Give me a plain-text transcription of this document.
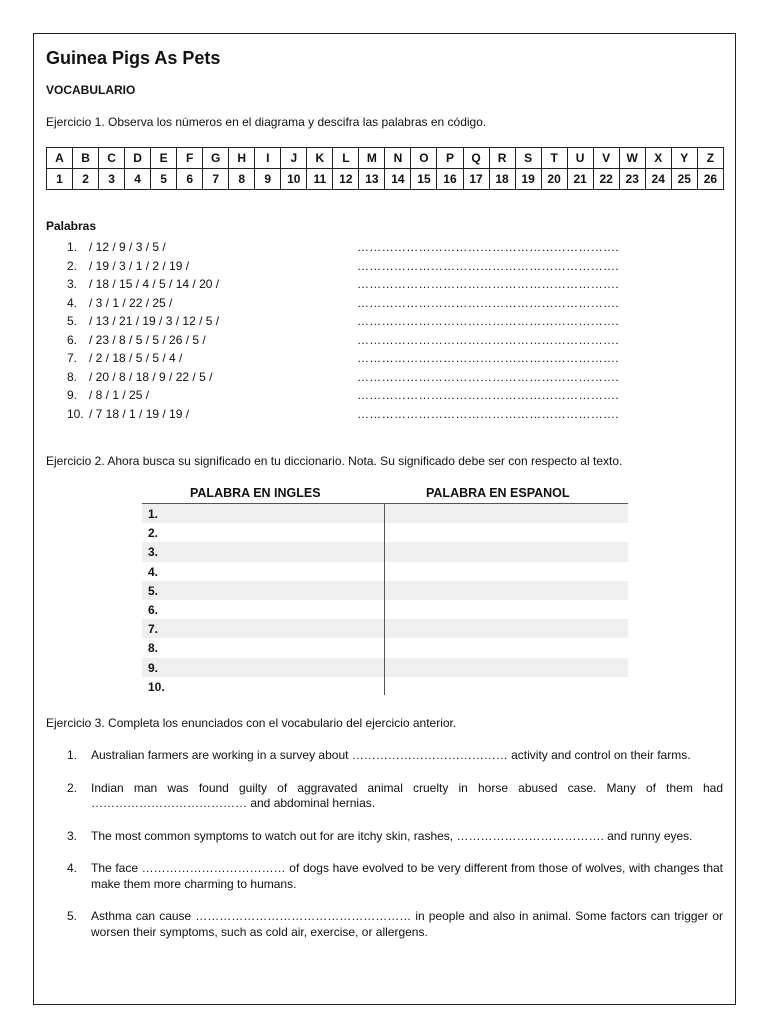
Guinea Pigs As Pets
VOCABULARIO
Ejercicio 1. Observa los números en el diagrama y descifra las palabras en código.
A	B	C	D	E	F	G	H	I	J	K	L	M	N	O	P	Q	R	S	T	U	V	W	X	Y	Z
1	2	3	4	5	6	7	8	9	10	11	12	13	14	15	16	17	18	19	20	21	22	23	24	25	26
Palabras
1. / 12 / 9 / 3 / 5 /	……………………………………………………….
2. / 19 / 3 / 1 / 2 / 19 /	……………………………………………………….
3. / 18 / 15 / 4 / 5 / 14 / 20 /	……………………………………………………….
4. / 3 / 1 / 22 / 25 /	……………………………………………………….
5. / 13 / 21 / 19 / 3 / 12 / 5 /	……………………………………………………….
6. / 23 / 8 / 5 / 5 / 26 / 5 /	……………………………………………………….
7. / 2 / 18 / 5 / 5 / 4 /	……………………………………………………….
8. / 20 / 8 / 18 / 9 / 22 / 5 /	……………………………………………………….
9. / 8 / 1 / 25 /	……………………………………………………….
10. / 7 18 / 1 / 19 / 19 /	……………………………………………………….
Ejercicio 2. Ahora busca su significado en tu diccionario. Nota. Su significado debe ser con respecto al texto.
PALABRA EN INGLES	PALABRA EN ESPANOL
1.
2.
3.
4.
5.
6.
7.
8.
9.
10.
Ejercicio 3. Completa los enunciados con el vocabulario del ejercicio anterior.
1. Australian farmers are working in a survey about ………………………………… activity and control on their farms.
2. Indian man was found guilty of aggravated animal cruelty in horse abused case. Many of them had ………………………………… and abdominal hernias.
3. The most common symptoms to watch out for are itchy skin, rashes, ………………………………. and runny eyes.
4. The face ……………………………… of dogs have evolved to be very different from those of wolves, with changes that make them more charming to humans.
5. Asthma can cause ……………………………………………… in people and also in animal. Some factors can trigger or worsen their symptoms, such as cold air, exercise, or allergens.
